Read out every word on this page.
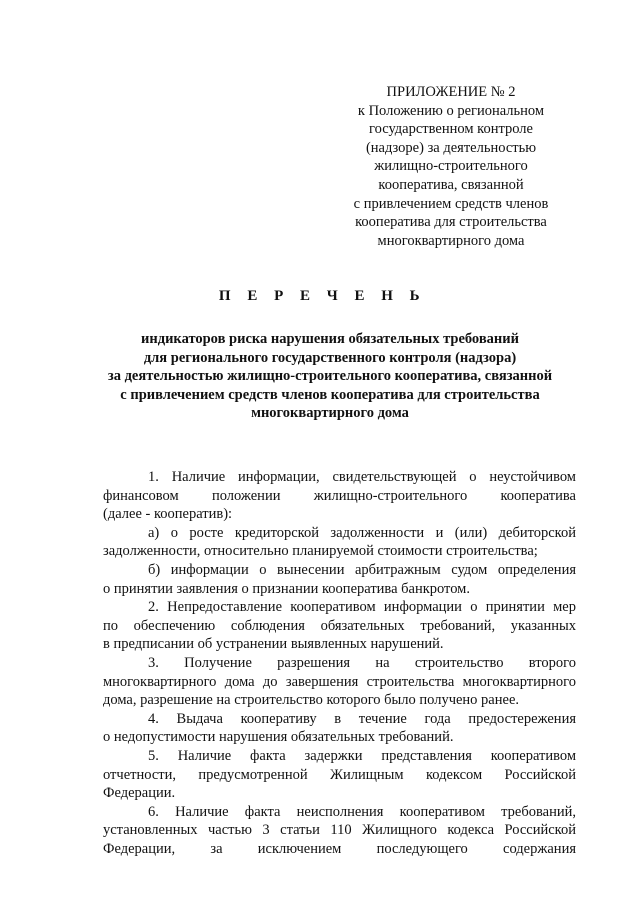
ПРИЛОЖЕНИЕ № 2
к Положению о региональном
государственном контроле
(надзоре) за деятельностью
жилищно-строительного
кооператива, связанной
с привлечением средств членов
кооператива для строительства
многоквартирного дома
П Е Р Е Ч Е Н Ь
индикаторов риска нарушения обязательных требований
для регионального государственного контроля (надзора)
за деятельностью жилищно-строительного кооператива, связанной
с привлечением средств членов кооператива для строительства
многоквартирного дома
1. Наличие информации, свидетельствующей о неустойчивом
финансовом положении жилищно-строительного кооператива
(далее - кооператив):
а) о росте кредиторской задолженности и (или) дебиторской
задолженности, относительно планируемой стоимости строительства;
б) информации о вынесении арбитражным судом определения
о принятии заявления о признании кооператива банкротом.
2. Непредоставление кооперативом информации о принятии мер
по обеспечению соблюдения обязательных требований, указанных
в предписании об устранении выявленных нарушений.
3. Получение разрешения на строительство второго
многоквартирного дома до завершения строительства многоквартирного
дома, разрешение на строительство которого было получено ранее.
4. Выдача кооперативу в течение года предостережения
о недопустимости нарушения обязательных требований.
5. Наличие факта задержки представления кооперативом
отчетности, предусмотренной Жилищным кодексом Российской
Федерации.
6. Наличие факта неисполнения кооперативом требований,
установленных частью 3 статьи 110 Жилищного кодекса Российской
Федерации, за исключением последующего содержания
